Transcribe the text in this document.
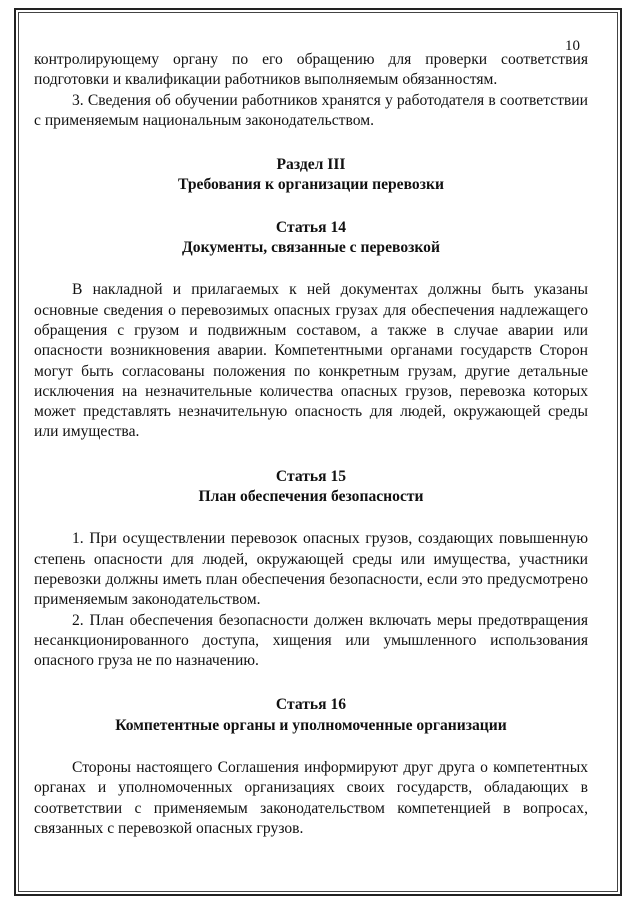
10

контролирующему органу по его обращению для проверки соответствия подготовки и квалификации работников выполняемым обязанностям.

3. Сведения об обучении работников хранятся у работодателя в соответствии с применяемым национальным законодательством.

Раздел III
Требования к организации перевозки
Статья 14
Документы, связанные с перевозкой

В накладной и прилагаемых к ней документах должны быть указаны основные сведения о перевозимых опасных грузах для обеспечения надлежащего обращения с грузом и подвижным составом, а также в случае аварии или опасности возникновения аварии. Компетентными органами государств Сторон могут быть согласованы положения по конкретным грузам, другие детальные исключения на незначительные количества опасных грузов, перевозка которых может представлять незначительную опасность для людей, окружающей среды или имущества.

Статья 15
План обеспечения безопасности

1. При осуществлении перевозок опасных грузов, создающих повышенную степень опасности для людей, окружающей среды или имущества, участники перевозки должны иметь план обеспечения безопасности, если это предусмотрено применяемым законодательством.

2. План обеспечения безопасности должен включать меры предотвращения несанкционированного доступа, хищения или умышленного использования опасного груза не по назначению.

Статья 16
Компетентные органы и уполномоченные организации

Стороны настоящего Соглашения информируют друг друга о компетентных органах и уполномоченных организациях своих государств, обладающих в соответствии с применяемым законодательством компетенцией в вопросах, связанных с перевозкой опасных грузов.
